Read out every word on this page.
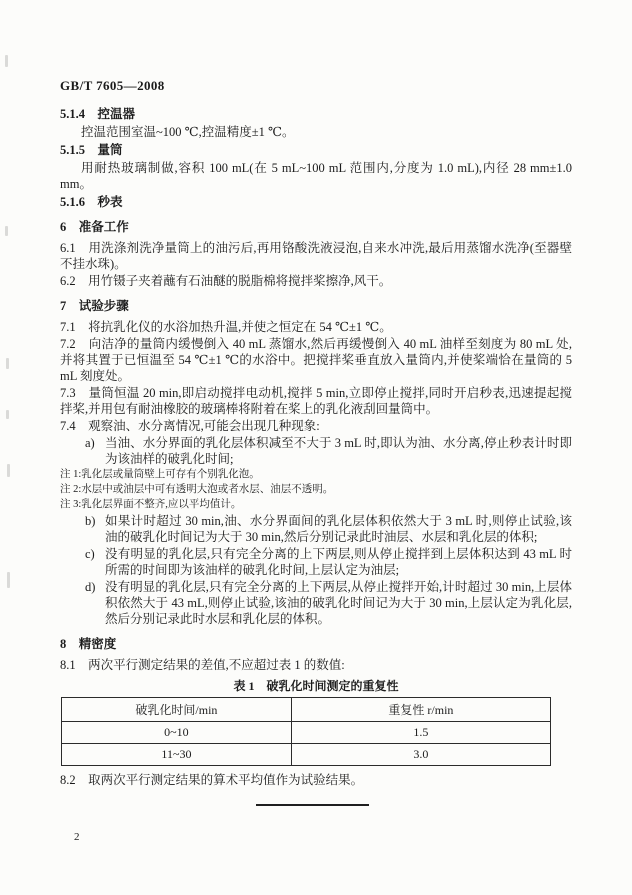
GB/T 7605—2008
5.1.4　控温器

控温范围室温~100 ℃,控温精度±1 ℃。

5.1.5　量筒

用耐热玻璃制做,容积 100 mL(在 5 mL~100 mL 范围内,分度为 1.0 mL),内径 28 mm±1.0 mm。

5.1.6　秒表
6　准备工作

6.1　用洗涤剂洗净量筒上的油污后,再用铬酸洗液浸泡,自来水冲洗,最后用蒸馏水洗净(至器壁不挂水珠)。

6.2　用竹镊子夹着蘸有石油醚的脱脂棉将搅拌桨擦净,风干。

7　试验步骤

7.1　将抗乳化仪的水浴加热升温,并使之恒定在 54 ℃±1 ℃。

7.2　向洁净的量筒内缓慢倒入 40 mL 蒸馏水,然后再缓慢倒入 40 mL 油样至刻度为 80 mL 处,并将其置于已恒温至 54 ℃±1 ℃的水浴中。把搅拌桨垂直放入量筒内,并使桨端恰在量筒的 5 mL 刻度处。

7.3　量筒恒温 20 min,即启动搅拌电动机,搅拌 5 min,立即停止搅拌,同时开启秒表,迅速提起搅拌桨,并用包有耐油橡胶的玻璃棒将附着在桨上的乳化液刮回量筒中。

7.4　观察油、水分离情况,可能会出现几种现象:

a) 当油、水分界面的乳化层体积减至不大于 3 mL 时,即认为油、水分离,停止秒表计时即为该油样的破乳化时间;
注 1:乳化层或量筒壁上可存有个别乳化泡。
注 2:水层中或油层中可有透明大泡或者水层、油层不透明。
注 3:乳化层界面不整齐,应以平均值计。
b) 如果计时超过 30 min,油、水分界面间的乳化层体积依然大于 3 mL 时,则停止试验,该油的破乳化时间记为大于 30 min,然后分别记录此时油层、水层和乳化层的体积;
c) 没有明显的乳化层,只有完全分离的上下两层,则从停止搅拌到上层体积达到 43 mL 时所需的时间即为该油样的破乳化时间,上层认定为油层;
d) 没有明显的乳化层,只有完全分离的上下两层,从停止搅拌开始,计时超过 30 min,上层体积依然大于 43 mL,则停止试验,该油的破乳化时间记为大于 30 min,上层认定为乳化层,然后分别记录此时水层和乳化层的体积。
8　精密度

8.1　两次平行测定结果的差值,不应超过表 1 的数值:

表 1　破乳化时间测定的重复性
破乳化时间/min	重复性 r/min
0~10	1.5
11~30	3.0

8.2　取两次平行测定结果的算术平均值作为试验结果。

2
